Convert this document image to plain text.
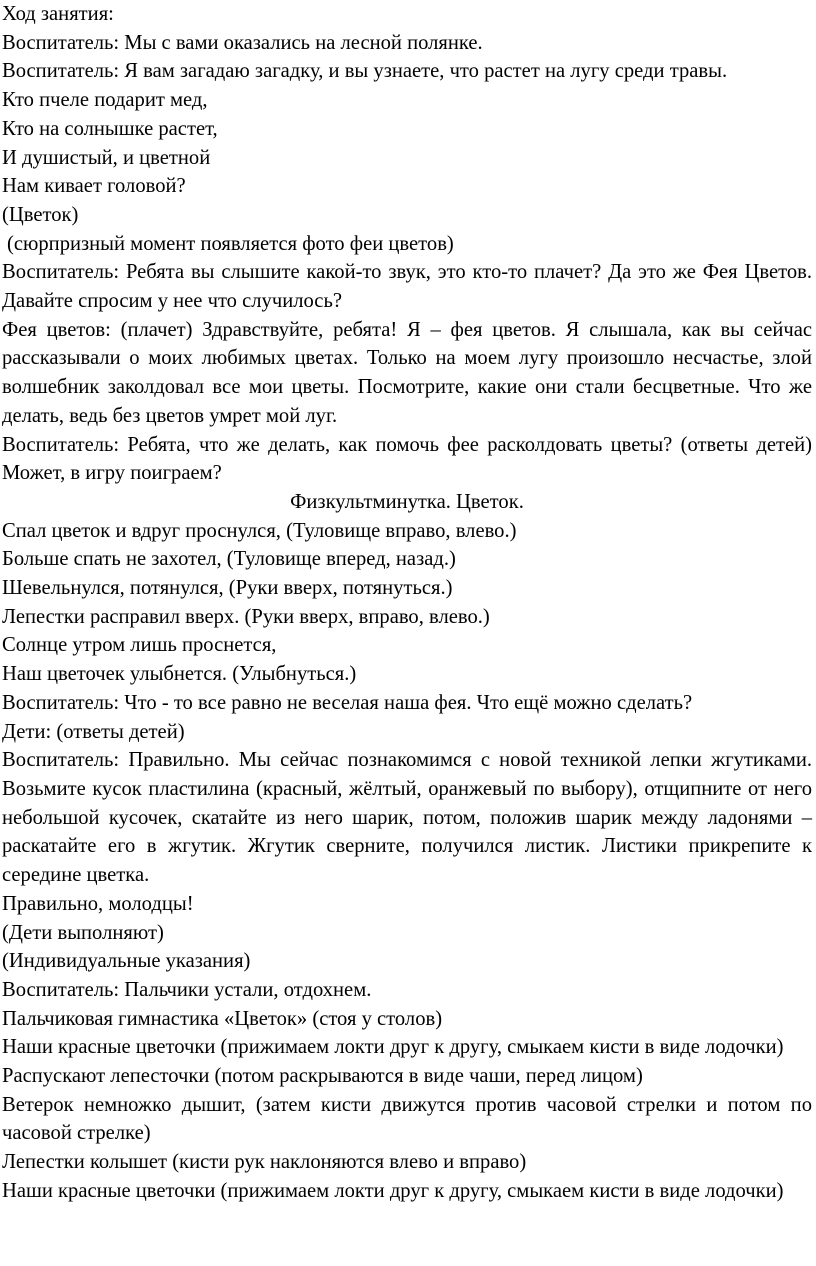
Ход занятия:

Воспитатель: Мы с вами оказались на лесной полянке.

Воспитатель: Я вам загадаю загадку, и вы узнаете, что растет на лугу среди травы.

Кто пчеле подарит мед,

Кто на солнышке растет,

И душистый, и цветной

Нам кивает головой?

(Цветок)

(сюрпризный момент появляется фото феи цветов)

Воспитатель: Ребята вы слышите какой-то звук, это кто-то плачет? Да это же Фея Цветов. Давайте спросим у нее что случилось?

Фея цветов: (плачет) Здравствуйте, ребята! Я – фея цветов. Я слышала, как вы сейчас рассказывали о моих любимых цветах. Только на моем лугу произошло несчастье, злой волшебник заколдовал все мои цветы. Посмотрите, какие они стали бесцветные. Что же делать, ведь без цветов умрет мой луг.

Воспитатель: Ребята, что же делать, как помочь фее расколдовать цветы? (ответы детей) Может, в игру поиграем?

Физкультминутка. Цветок.

Спал цветок и вдруг проснулся, (Туловище вправо, влево.)

Больше спать не захотел, (Туловище вперед, назад.)

Шевельнулся, потянулся, (Руки вверх, потянуться.)

Лепестки расправил вверх. (Руки вверх, вправо, влево.)

Солнце утром лишь проснется,

Наш цветочек улыбнется. (Улыбнуться.)

Воспитатель: Что - то все равно не веселая наша фея. Что ещё можно сделать?

Дети: (ответы детей)

Воспитатель: Правильно. Мы сейчас познакомимся с новой техникой лепки жгутиками. Возьмите кусок пластилина (красный, жёлтый, оранжевый по выбору), отщипните от него небольшой кусочек, скатайте из него шарик, потом, положив шарик между ладонями – раскатайте его в жгутик. Жгутик сверните, получился листик. Листики прикрепите к середине цветка.

Правильно, молодцы!

(Дети выполняют)

(Индивидуальные указания)

Воспитатель: Пальчики устали, отдохнем.

Пальчиковая гимнастика «Цветок» (стоя у столов)

Наши красные цветочки (прижимаем локти друг к другу, смыкаем кисти в виде лодочки)

Распускают лепесточки (потом раскрываются в виде чаши, перед лицом)

Ветерок немножко дышит, (затем кисти движутся против часовой стрелки и потом по часовой стрелке)

Лепестки колышет (кисти рук наклоняются влево и вправо)

Наши красные цветочки (прижимаем локти друг к другу, смыкаем кисти в виде лодочки)
